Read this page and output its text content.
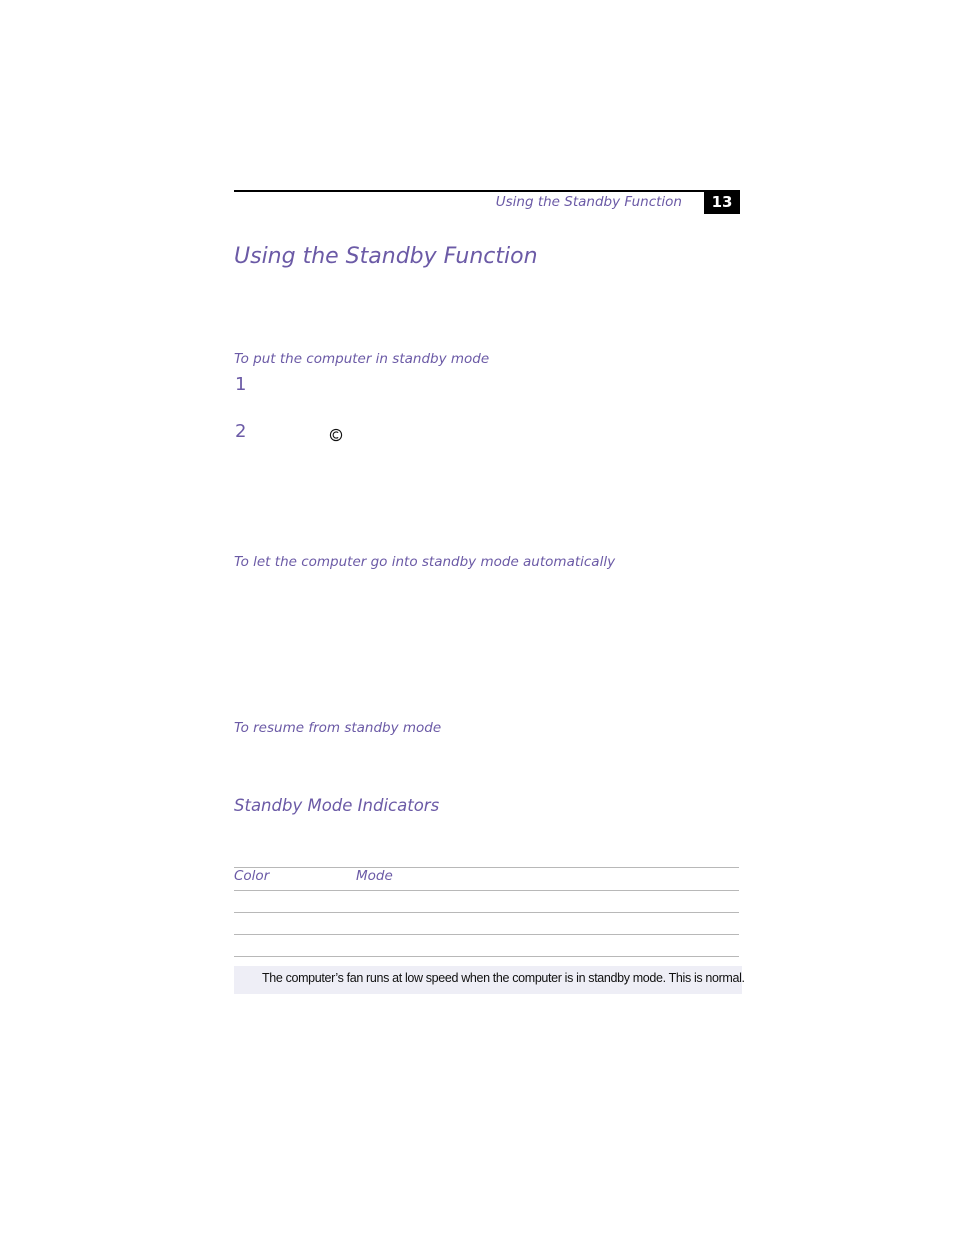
Using the Standby Function	13
Using the Standby Function
To put the computer in standby mode
1
2
To let the computer go into standby mode automatically
To resume from standby mode
Standby Mode Indicators
Color	Mode
The computer’s fan runs at low speed when the computer is in standby mode. This is normal.
